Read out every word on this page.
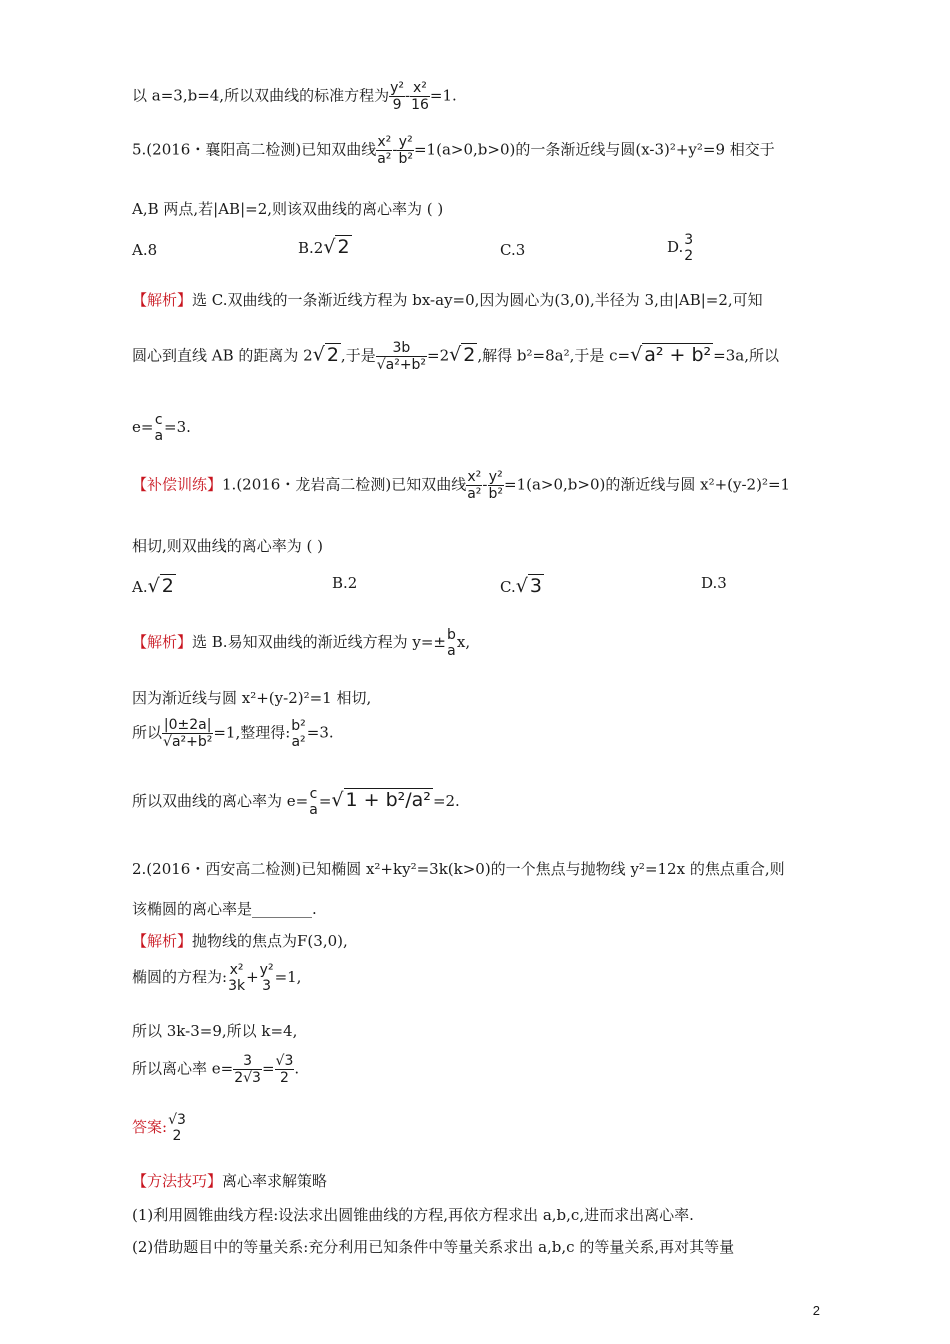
以 a=3,b=4,所以双曲线的标准方程为 $\frac{\text{y²}}{9} - \frac{\text{x²}}{16} =1$.
5.(2016・襄阳高二检测)已知双曲线 $\frac{\text{x²}}{\text{a²}} - \frac{\text{y²}}{\text{b²}} =1(a>0,b>0)$的一条渐近线与圆(x-3)²+y²=9 相交于
A,B 两点,若|AB|=2,则该双曲线的离心率为 ( )
A.8	B.2√ 2	C.3	D. 3
2
【解析】选 C.双曲线的一条渐近线方程为 bx-ay=0,因为圆心为(3,0),半径为 3,由|AB|=2,可知
圆心到直线 AB 的距离为 2√ 2 ,于是 $\frac{3b}{\text{√a²+b²}} =2√$ 2 ,解得 b²=8a²,于是 c=√ a² + b² =3a,所以
e= c
a =3.
【补偿训练】1.(2016・龙岩高二检测)已知双曲线 $\frac{\text{x²}}{\text{a²}} - \frac{\text{y²}}{\text{b²}} =1(a>0,b>0)$的渐近线与圆 x²+(y-2)²=1
相切,则双曲线的离心率为 ( )
A.√ 2	B.2	C.√ 3	D.3
【解析】选 B.易知双曲线的渐近线方程为 y=± b
a x,
因为渐近线与圆 x²+(y-2)²=1 相切,
所以 $\frac{|0\pm 2a|}{\text{√a²+b²}} =1$,整理得: b²
a² =3.
所以双曲线的离心率为 e= c
a =√ 1 + b²/a² =2.
2.(2016・西安高二检测)已知椭圆 x²+ky²=3k(k>0)的一个焦点与抛物线 y²=12x 的焦点重合,则
该椭圆的离心率是________.
【解析】抛物线的焦点为F(3,0),
椭圆的方程为: x²
3k + y²
3 =1,
所以 3k-3=9,所以 k=4,
所以离心率 $e= \frac{3}{2√3} = \frac{√3}{2}$ .
答案: √3
2
【方法技巧】离心率求解策略
(1)利用圆锥曲线方程:设法求出圆锥曲线的方程,再依方程求出 a,b,c,进而求出离心率.
(2)借助题目中的等量关系:充分利用已知条件中等量关系求出 a,b,c 的等量关系,再对其等量
2
